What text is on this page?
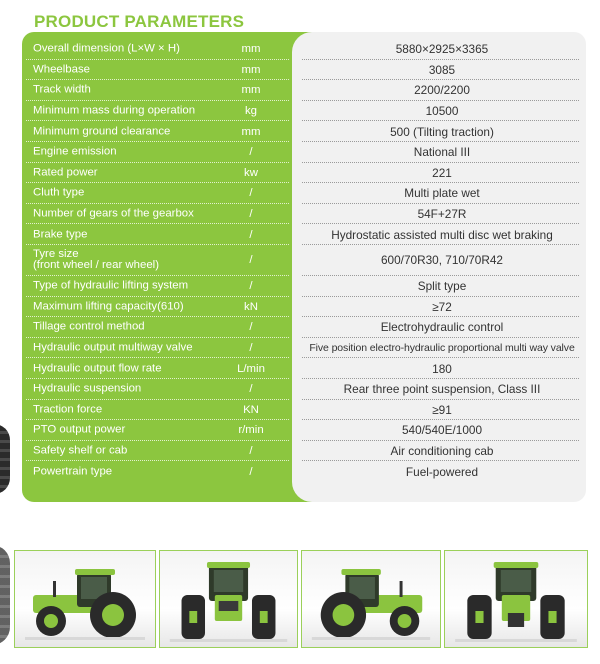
PRODUCT PARAMETERS
Overall dimension (L×W × H)	mm	5880×2925×3365
Wheelbase	mm	3085
Track width	mm	2200/2200
Minimum mass during operation	kg	10500
Minimum ground clearance	mm	500 (Tilting traction)
Engine emission	/	National III
Rated power	kw	221
Cluth type	/	Multi plate wet
Number of gears of the gearbox	/	54F+27R
Brake type	/	Hydrostatic assisted multi disc wet braking
Tyre size
(front wheel / rear wheel)	/	600/70R30, 710/70R42
Type of hydraulic lifting system	/	Split type
Maximum lifting capacity(610)	kN	≥72
Tillage control method	/	Electrohydraulic control
Hydraulic output multiway valve	/	Five position electro-hydraulic proportional multi way valve
Hydraulic output flow rate	L/min	180
Hydraulic suspension	/	Rear three point suspension, Class III
Traction force	KN	≥91
PTO output power	r/min	540/540E/1000
Safety shelf or cab	/	Air conditioning cab
Powertrain type	/	Fuel-powered
